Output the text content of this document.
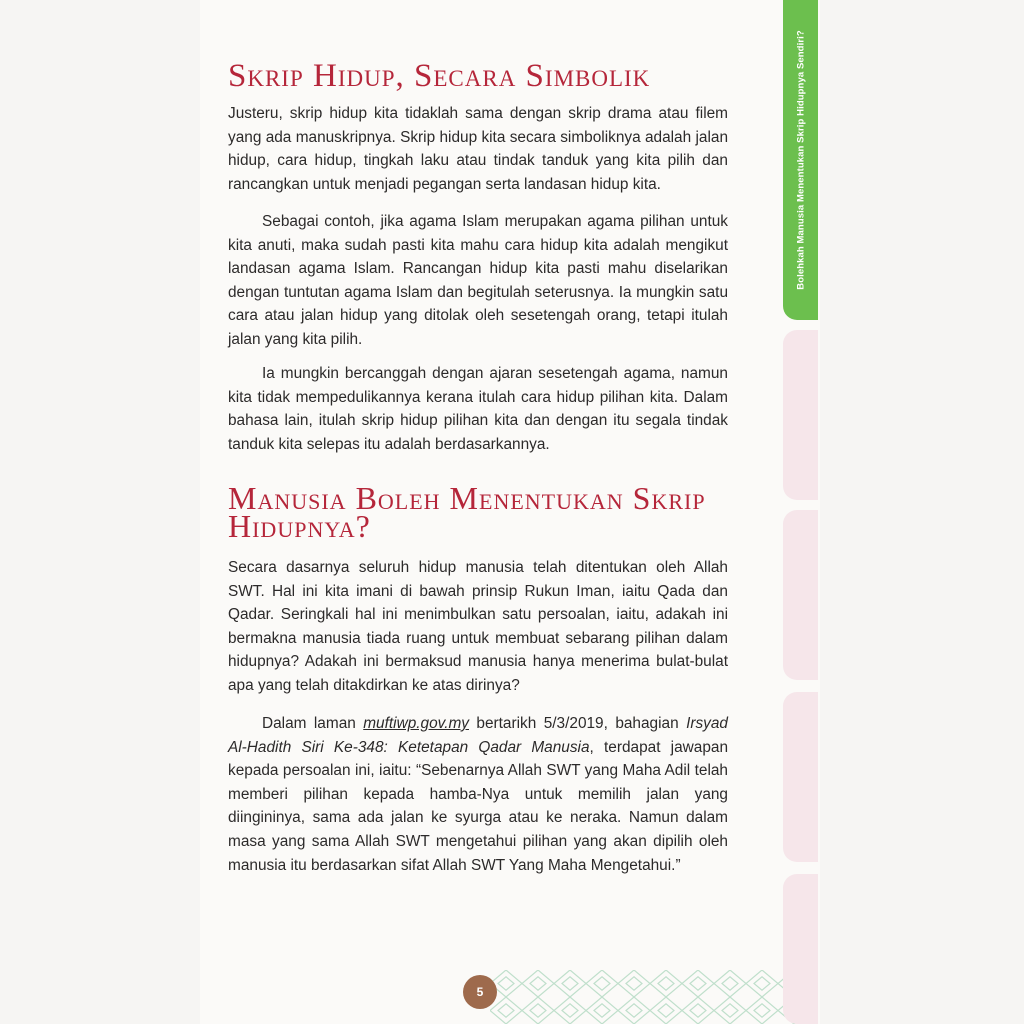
Bolehkah Manusia Menentukan Skrip Hidupnya Sendiri?
Skrip Hidup, Secara Simbolik

Justeru, skrip hidup kita tidaklah sama dengan skrip drama atau filem yang ada manuskripnya. Skrip hidup kita secara simboliknya adalah jalan hidup, cara hidup, tingkah laku atau tindak tanduk yang kita pilih dan rancangkan untuk menjadi pegangan serta landasan hidup kita.

Sebagai contoh, jika agama Islam merupakan agama pilihan untuk kita anuti, maka sudah pasti kita mahu cara hidup kita adalah mengikut landasan agama Islam. Rancangan hidup kita pasti mahu diselarikan dengan tuntutan agama Islam dan begitulah seterusnya. Ia mungkin satu cara atau jalan hidup yang ditolak oleh sesetengah orang, tetapi itulah jalan yang kita pilih.

Ia mungkin bercanggah dengan ajaran sesetengah agama, namun kita tidak mempedulikannya kerana itulah cara hidup pilihan kita. Dalam bahasa lain, itulah skrip hidup pilihan kita dan dengan itu segala tindak tanduk kita selepas itu adalah berdasarkannya.

Manusia Boleh Menentukan Skrip Hidupnya?

Secara dasarnya seluruh hidup manusia telah ditentukan oleh Allah SWT. Hal ini kita imani di bawah prinsip Rukun Iman, iaitu Qada dan Qadar. Seringkali hal ini menimbulkan satu persoalan, iaitu, adakah ini bermakna manusia tiada ruang untuk membuat sebarang pilihan dalam hidupnya? Adakah ini bermaksud manusia hanya menerima bulat-bulat apa yang telah ditakdirkan ke atas dirinya?

Dalam laman muftiwp.gov.my bertarikh 5/3/2019, bahagian Irsyad Al-Hadith Siri Ke-348: Ketetapan Qadar Manusia, terdapat jawapan kepada persoalan ini, iaitu: “Sebenarnya Allah SWT yang Maha Adil telah memberi pilihan kepada hamba-Nya untuk memilih jalan yang diingininya, sama ada jalan ke syurga atau ke neraka. Namun dalam masa yang sama Allah SWT mengetahui pilihan yang akan dipilih oleh manusia itu berdasarkan sifat Allah SWT Yang Maha Mengetahui.”

5
